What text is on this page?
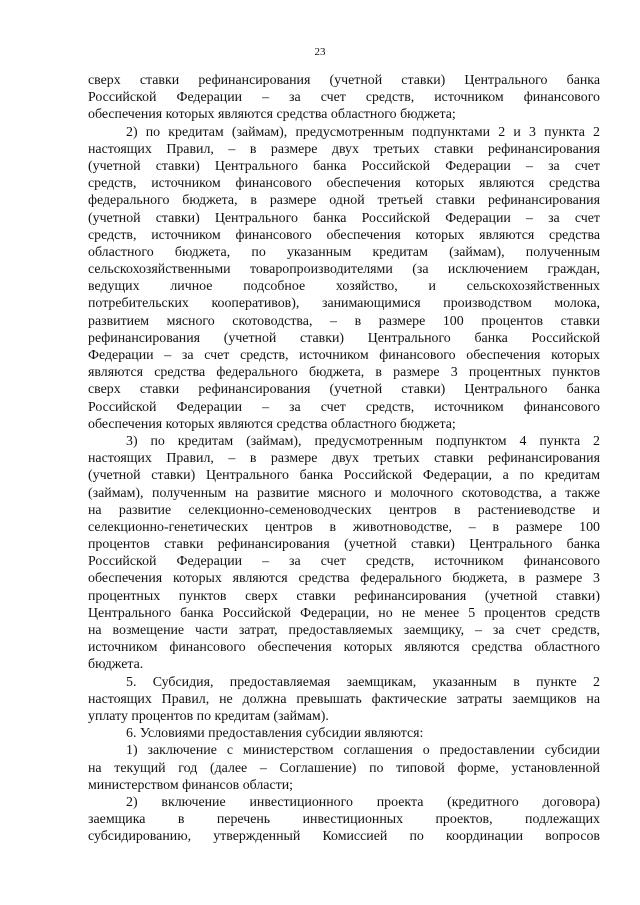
23
сверх ставки рефинансирования (учетной ставки) Центрального банка
Российской Федерации – за счет средств, источником финансового
обеспечения которых являются средства областного бюджета;
2) по кредитам (займам), предусмотренным подпунктами 2 и 3 пункта 2
настоящих Правил, – в размере двух третьих ставки рефинансирования
(учетной ставки) Центрального банка Российской Федерации – за счет
средств, источником финансового обеспечения которых являются средства
федерального бюджета, в размере одной третьей ставки рефинансирования
(учетной ставки) Центрального банка Российской Федерации – за счет
средств, источником финансового обеспечения которых являются средства
областного бюджета, по указанным кредитам (займам), полученным
сельскохозяйственными товаропроизводителями (за исключением граждан,
ведущих личное подсобное хозяйство, и сельскохозяйственных
потребительских кооперативов), занимающимися производством молока,
развитием мясного скотоводства, – в размере 100 процентов ставки
рефинансирования (учетной ставки) Центрального банка Российской
Федерации – за счет средств, источником финансового обеспечения которых
являются средства федерального бюджета, в размере 3 процентных пунктов
сверх ставки рефинансирования (учетной ставки) Центрального банка
Российской Федерации – за счет средств, источником финансового
обеспечения которых являются средства областного бюджета;
3) по кредитам (займам), предусмотренным подпунктом 4 пункта 2
настоящих Правил, – в размере двух третьих ставки рефинансирования
(учетной ставки) Центрального банка Российской Федерации, а по кредитам
(займам), полученным на развитие мясного и молочного скотоводства, а также
на развитие селекционно-семеноводческих центров в растениеводстве и
селекционно-генетических центров в животноводстве, – в размере 100
процентов ставки рефинансирования (учетной ставки) Центрального банка
Российской Федерации – за счет средств, источником финансового
обеспечения которых являются средства федерального бюджета, в размере 3
процентных пунктов сверх ставки рефинансирования (учетной ставки)
Центрального банка Российской Федерации, но не менее 5 процентов средств
на возмещение части затрат, предоставляемых заемщику, – за счет средств,
источником финансового обеспечения которых являются средства областного
бюджета.
5. Субсидия, предоставляемая заемщикам, указанным в пункте 2
настоящих Правил, не должна превышать фактические затраты заемщиков на
уплату процентов по кредитам (займам).
6. Условиями предоставления субсидии являются:
1) заключение с министерством соглашения о предоставлении субсидии
на текущий год (далее – Соглашение) по типовой форме, установленной
министерством финансов области;
2) включение инвестиционного проекта (кредитного договора)
заемщика в перечень инвестиционных проектов, подлежащих
субсидированию, утвержденный Комиссией по координации вопросов
